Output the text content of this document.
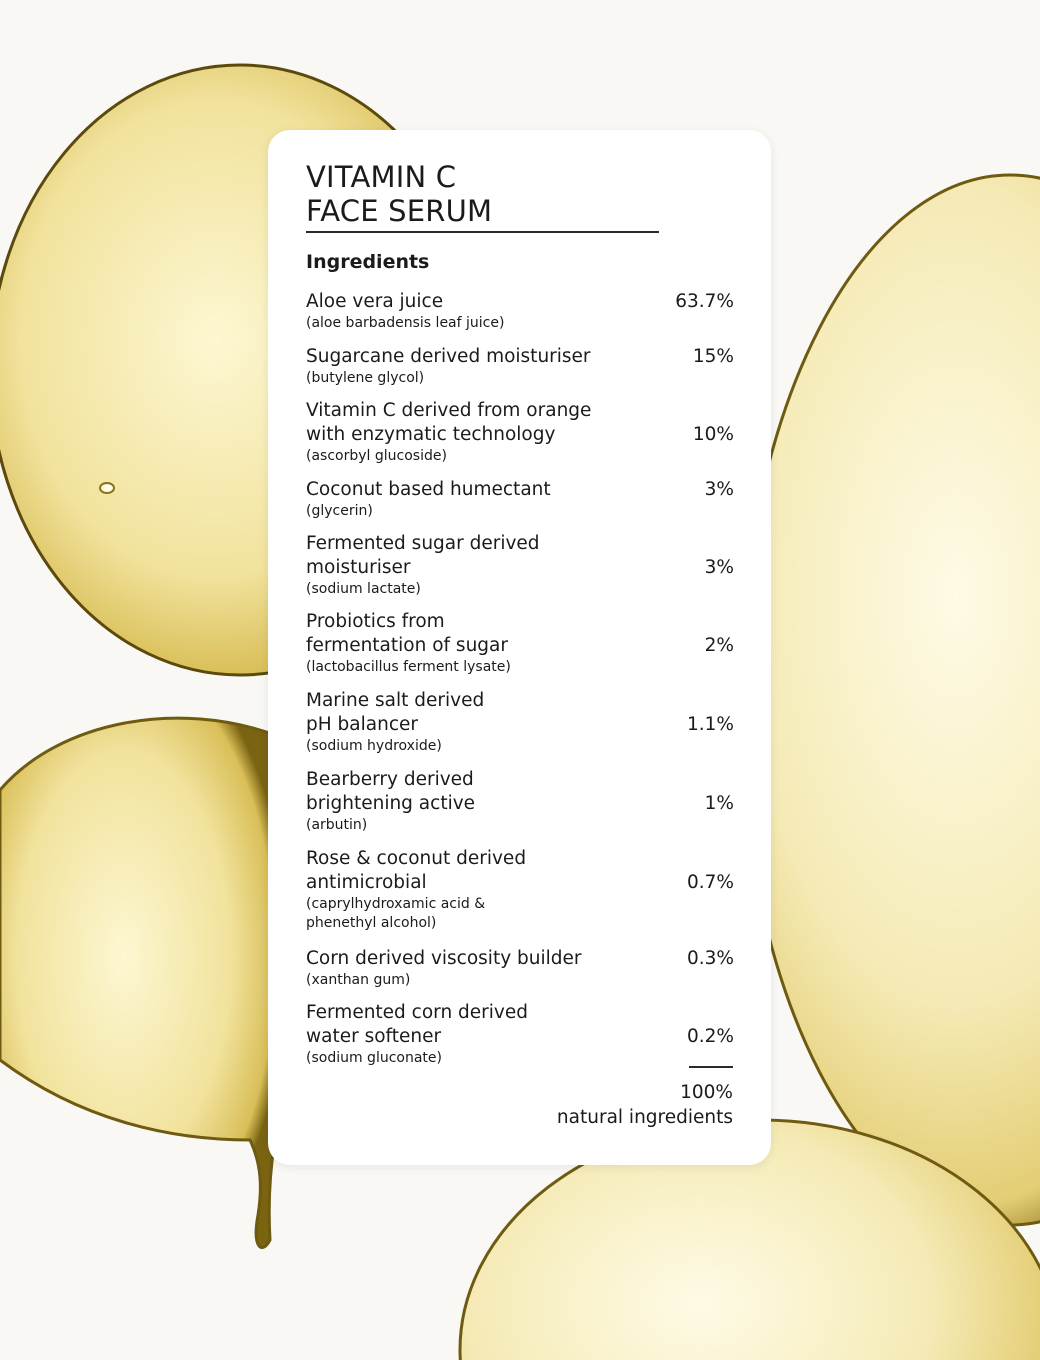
VITAMIN C
FACE SERUM
Ingredients
Aloe vera juice
(aloe barbadensis leaf juice)
63.7%
Sugarcane derived moisturiser
(butylene glycol)
15%
Vitamin C derived from orange
with enzymatic technology
(ascorbyl glucoside)
10%
Coconut based humectant
(glycerin)
3%
Fermented sugar derived
moisturiser
(sodium lactate)
3%
Probiotics from
fermentation of sugar
(lactobacillus ferment lysate)
2%
Marine salt derived
pH balancer
(sodium hydroxide)
1.1%
Bearberry derived
brightening active
(arbutin)
1%
Rose & coconut derived
antimicrobial
(caprylhydroxamic acid &
phenethyl alcohol)
0.7%
Corn derived viscosity builder
(xanthan gum)
0.3%
Fermented corn derived
water softener
(sodium gluconate)
0.2%
100%
natural ingredients
